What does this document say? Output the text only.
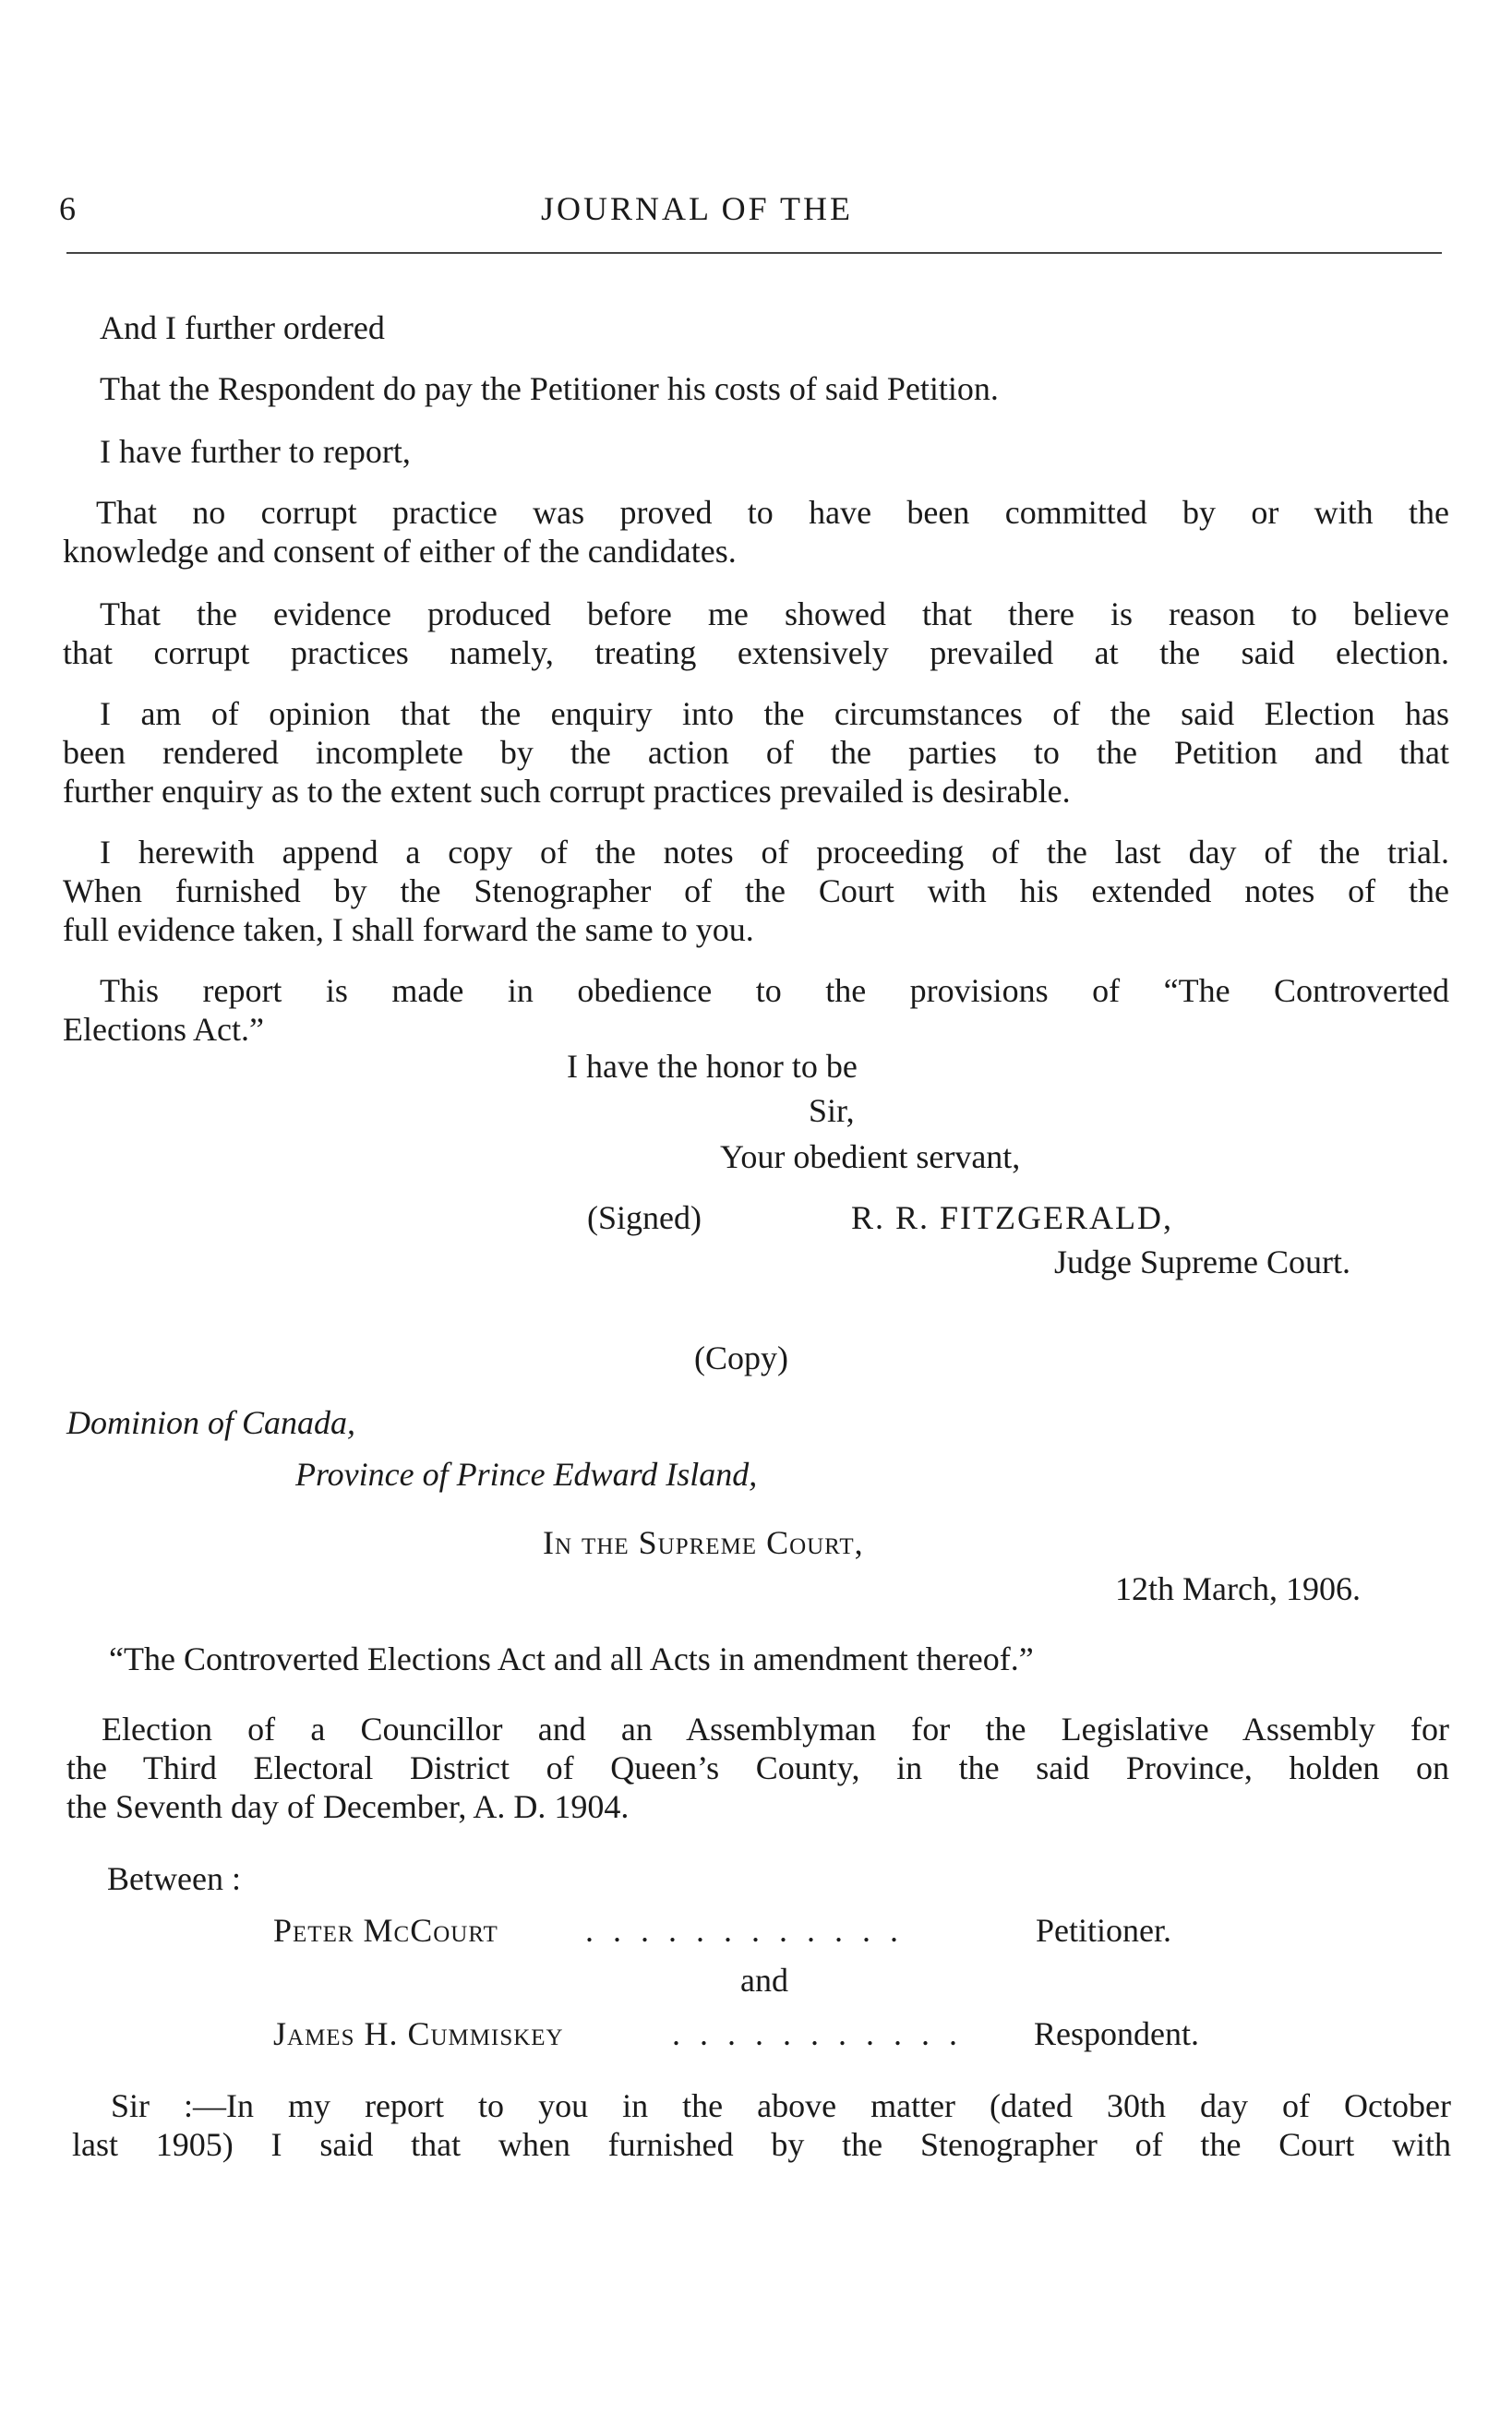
6	JOURNAL OF THE
And I further ordered
That the Respondent do pay the Petitioner his costs of said Petition.
I have further to report,
That no corrupt practice was proved to have been committed by or with the
knowledge and consent of either of the candidates.
That the evidence produced before me showed that there is reason to believe
that corrupt practices namely, treating extensively prevailed at the said election.
I am of opinion that the enquiry into the circumstances of the said Election has
been rendered incomplete by the action of the parties to the Petition and that
further enquiry as to the extent such corrupt practices prevailed is desirable.
I herewith append a copy of the notes of proceeding of the last day of the trial.
When furnished by the Stenographer of the Court with his extended notes of the
full evidence taken, I shall forward the same to you.
This report is made in obedience to the provisions of “The Controverted
Elections Act.”
I have the honor to be
Sir,
Your obedient servant,
(Signed)	R. R. FITZGERALD,
Judge Supreme Court.
(Copy)
Dominion of Canada,
Province of Prince Edward Island,
In the Supreme Court,
12th March, 1906.
“The Controverted Elections Act and all Acts in amendment thereof.”
Election of a Councillor and an Assemblyman for the Legislative Assembly for
the Third Electoral District of Queen’s County, in the said Province, holden on
the Seventh day of December, A. D. 1904.
Between :
Peter McCourt	. . . . . . . . . . . .	Petitioner.
and
James H. Cummiskey	. . . . . . . . . . . Respondent.
Sir :—In my report to you in the above matter (dated 30th day of October
last 1905) I said that when furnished by the Stenographer of the Court with
